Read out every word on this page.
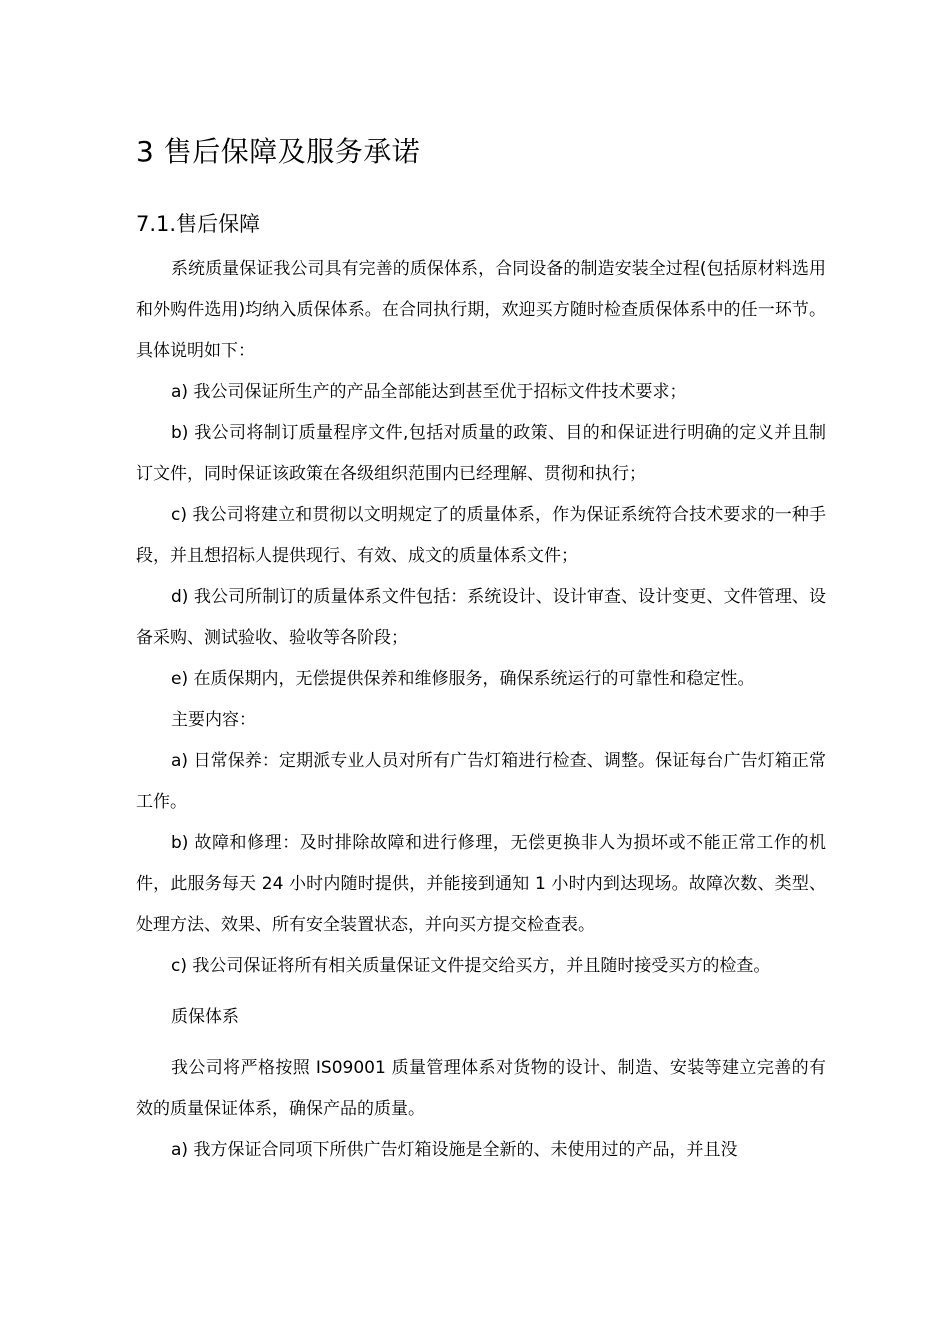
3 售后保障及服务承诺
7.1.售后保障

系统质量保证我公司具有完善的质保体系，合同设备的制造安装全过程(包括原材料选用和外购件选用)均纳入质保体系。在合同执行期，欢迎买方随时检查质保体系中的任一环节。具体说明如下：

a) 我公司保证所生产的产品全部能达到甚至优于招标文件技术要求；

b) 我公司将制订质量程序文件,包括对质量的政策、目的和保证进行明确的定义并且制订文件，同时保证该政策在各级组织范围内已经理解、贯彻和执行；

c) 我公司将建立和贯彻以文明规定了的质量体系，作为保证系统符合技术要求的一种手段，并且想招标人提供现行、有效、成文的质量体系文件；

d) 我公司所制订的质量体系文件包括：系统设计、设计审查、设计变更、文件管理、设备采购、测试验收、验收等各阶段；

e) 在质保期内，无偿提供保养和维修服务，确保系统运行的可靠性和稳定性。

主要内容：

a) 日常保养：定期派专业人员对所有广告灯箱进行检查、调整。保证每台广告灯箱正常工作。

b) 故障和修理：及时排除故障和进行修理，无偿更换非人为损坏或不能正常工作的机件，此服务每天 24 小时内随时提供，并能接到通知 1 小时内到达现场。故障次数、类型、处理方法、效果、所有安全装置状态，并向买方提交检查表。

c) 我公司保证将所有相关质量保证文件提交给买方，并且随时接受买方的检查。

质保体系

我公司将严格按照 IS09001 质量管理体系对货物的设计、制造、安装等建立完善的有效的质量保证体系，确保产品的质量。

a) 我方保证合同项下所供广告灯箱设施是全新的、未使用过的产品，并且没
